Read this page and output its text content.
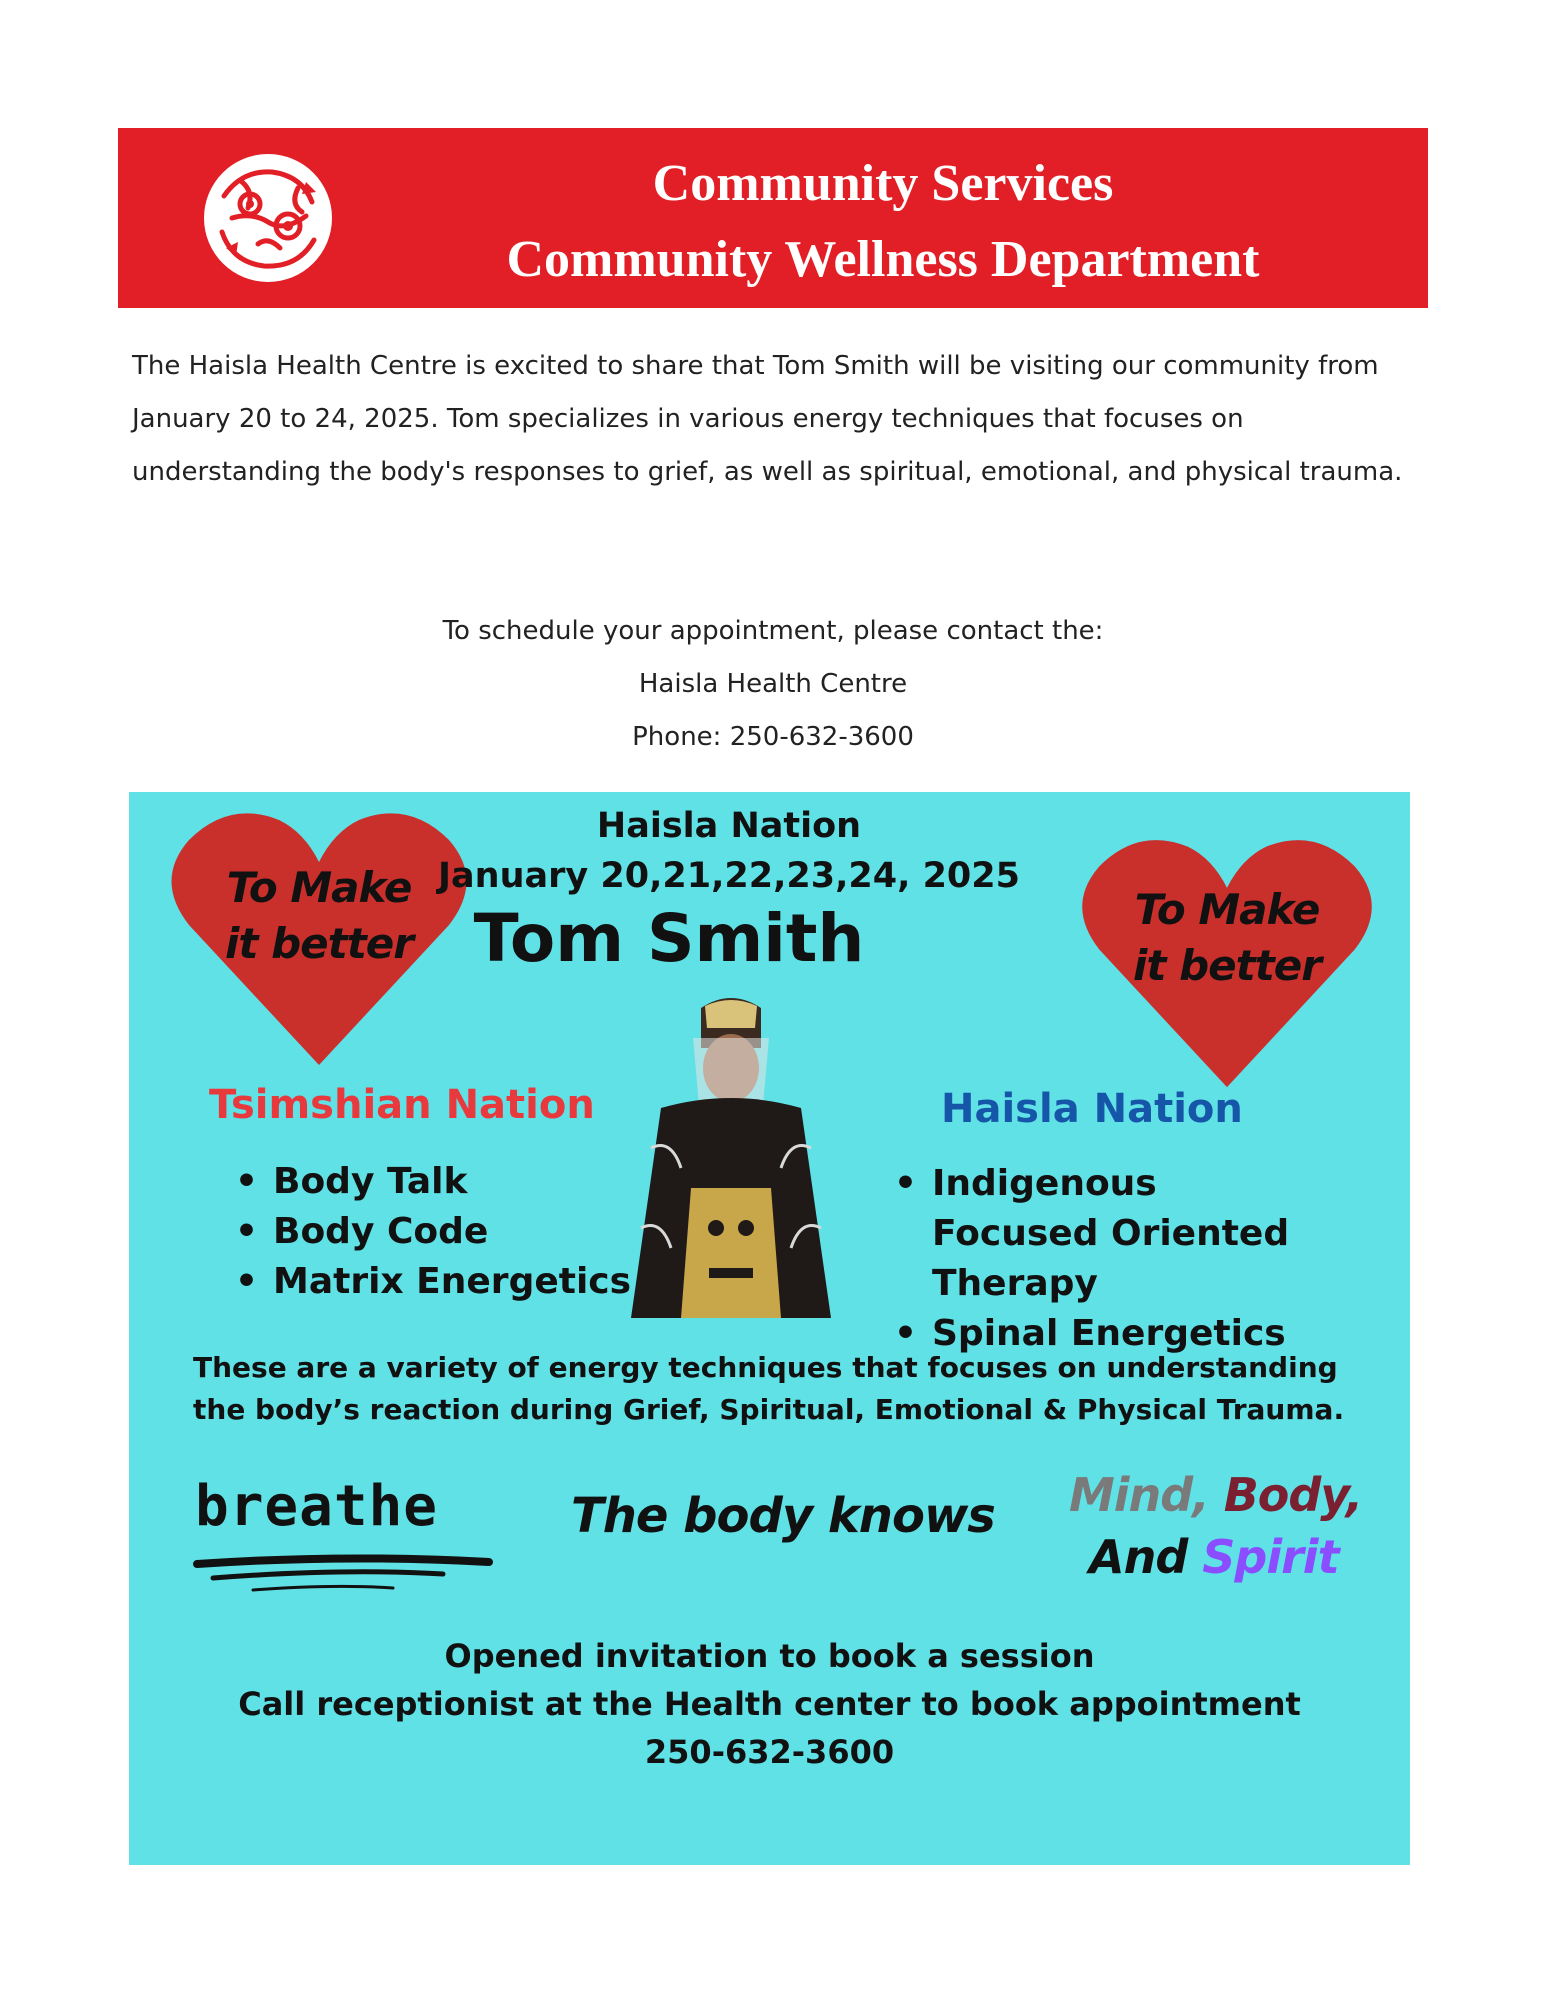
Community Services
Community Wellness Department
The Haisla Health Centre is excited to share that Tom Smith will be visiting our community from January 20 to 24, 2025. Tom specializes in various energy techniques that focuses on understanding the body's responses to grief, as well as spiritual, emotional, and physical trauma.
To schedule your appointment, please contact the:
Haisla Health Centre
Phone: 250-632-3600
To Make
it better
To Make
it better
Haisla Nation
January 20,21,22,23,24, 2025
Tom Smith
Tsimshian Nation
• Body Talk
• Body Code
• Matrix Energetics
Haisla Nation
• Indigenous Focused Oriented Therapy
• Spinal Energetics
These are a variety of energy techniques that focuses on understanding the body’s reaction during Grief, Spiritual, Emotional & Physical Trauma.
breathe	The body knows Mind, Body,
And Spirit
Opened invitation to book a session
Call receptionist at the Health center to book appointment
250-632-3600
